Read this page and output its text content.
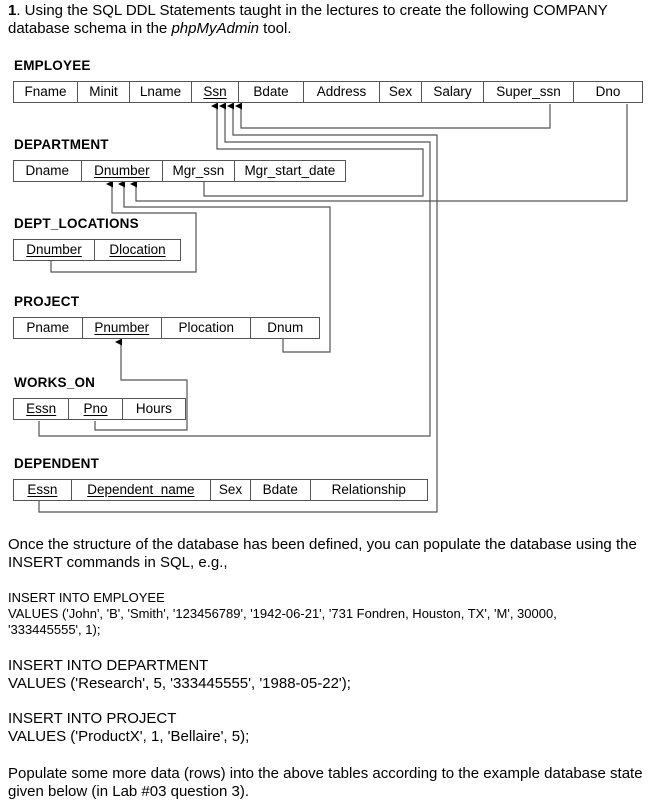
1. Using the SQL DDL Statements taught in the lectures to create the following COMPANY database schema in the phpMyAdmin tool.
EMPLOYEE
Fname	Minit	Lname	Ssn	Bdate	Address	Sex	Salary	Super_ssn	Dno
DEPARTMENT
Dname	Dnumber	Mgr_ssn	Mgr_start_date
DEPT_LOCATIONS
Dnumber	Dlocation
PROJECT
Pname	Pnumber	Plocation	Dnum
WORKS_ON
Essn	Pno	Hours
DEPENDENT
Essn	Dependent_name	Sex	Bdate	Relationship
Once the structure of the database has been defined, you can populate the database using the INSERT commands in SQL, e.g.,
INSERT INTO EMPLOYEE
VALUES ('John', 'B', 'Smith', '123456789', '1942-06-21', '731 Fondren, Houston, TX', 'M', 30000,
'333445555', 1);
INSERT INTO DEPARTMENT
VALUES ('Research', 5, '333445555', '1988-05-22');
INSERT INTO PROJECT
VALUES ('ProductX', 1, 'Bellaire', 5);
Populate some more data (rows) into the above tables according to the example database state given below (in Lab #03 question 3).
